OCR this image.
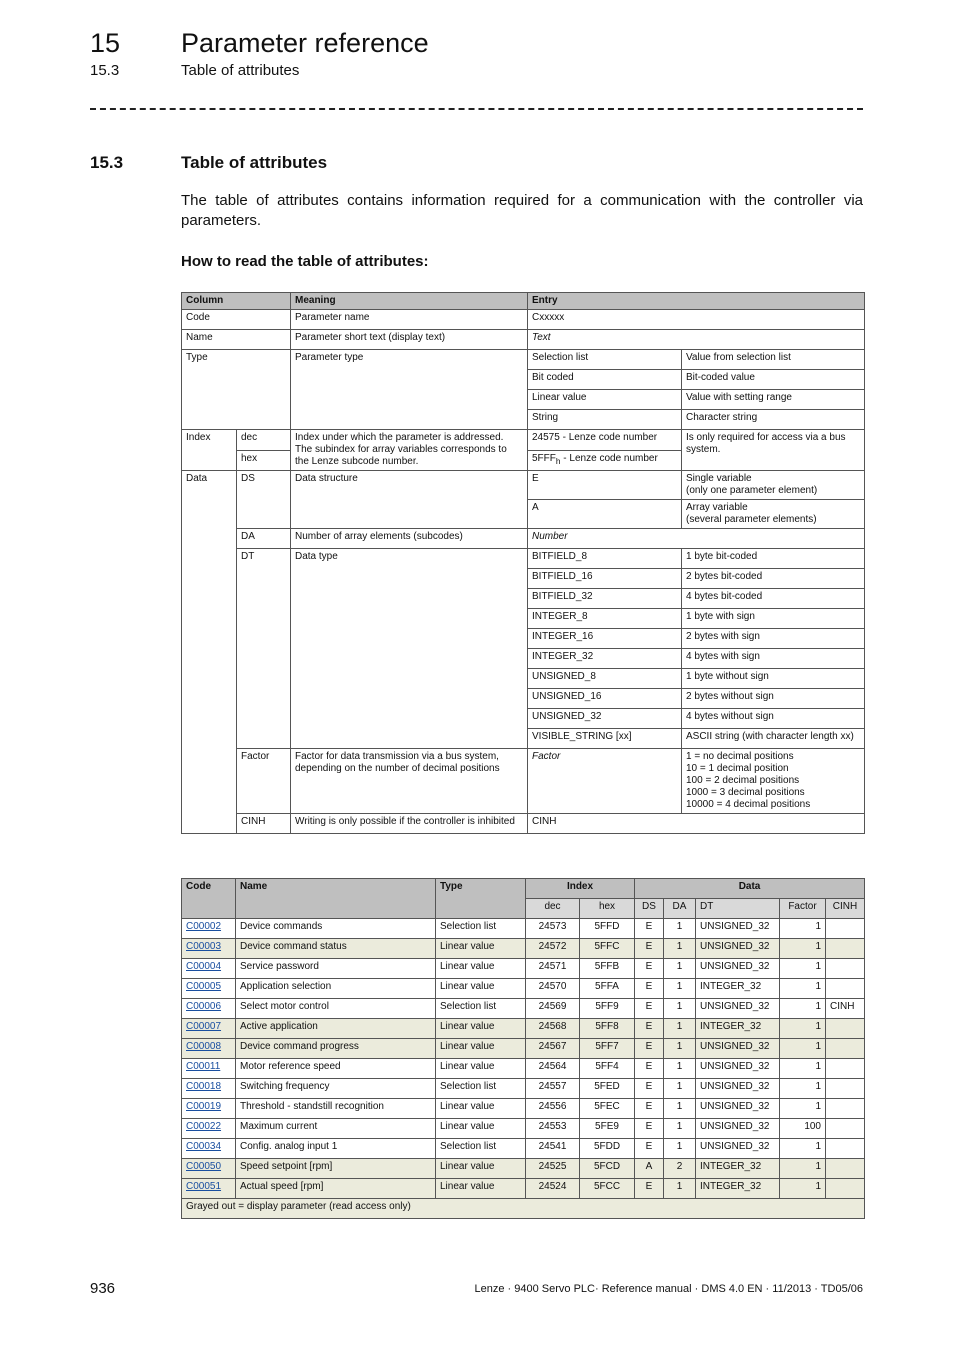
15 Parameter reference
15.3	Table of attributes
15.3	Table of attributes
The table of attributes contains information required for a communication with the controller via parameters.
How to read the table of attributes:
Column		Meaning	Entry	
Code		Parameter name	Cxxxxx	
Name		Parameter short text (display text)	Text	
Type		Parameter type	Selection list	Value from selection list
			Bit coded	Bit-coded value
			Linear value	Value with setting range
			String	Character string
Index	dec	Index under which the parameter is addressed. The subindex for array variables corresponds to the Lenze subcode number.	24575 - Lenze code number	Is only required for access via a bus system.
	hex		$5FFF_h$ - Lenze code number	
Data	DS	Data structure	E	Single variable
(only one parameter element)

			A	Array variable
(several parameter elements)

	DA	Number of array elements (subcodes)	Number	
	DT	Data type	BITFIELD_8	1 byte bit-coded
			BITFIELD_16	2 bytes bit-coded
			BITFIELD_32	4 bytes bit-coded
			INTEGER_8	1 byte with sign
			INTEGER_16	2 bytes with sign
			INTEGER_32	4 bytes with sign
			UNSIGNED_8	1 byte without sign
			UNSIGNED_16	2 bytes without sign
			UNSIGNED_32	4 bytes without sign
			VISIBLE_STRING [xx]	ASCII string (with character length xx)
	Factor	Factor for data transmission via a bus system, depending on the number of decimal positions	Factor	1 = no decimal positions
10 = 1 decimal position
100 = 2 decimal positions
1000 = 3 decimal positions
10000 = 4 decimal positions

	CINH	Writing is only possible if the controller is inhibited	CINH	
Code	Name	Type	Index		Data				
			dec	hex	DS	DA	DT	Factor	CINH
C00002	Device commands	Selection list	24573	5FFD	E	1	UNSIGNED_32	1	
C00003	Device command status	Linear value	24572	5FFC	E	1	UNSIGNED_32	1	
C00004	Service password	Linear value	24571	5FFB	E	1	UNSIGNED_32	1	
C00005	Application selection	Linear value	24570	5FFA	E	1	INTEGER_32	1	
C00006	Select motor control	Selection list	24569	5FF9	E	1	UNSIGNED_32	1	CINH
C00007	Active application	Linear value	24568	5FF8	E	1	INTEGER_32	1	
C00008	Device command progress	Linear value	24567	5FF7	E	1	UNSIGNED_32	1	
C00011	Motor reference speed	Linear value	24564	5FF4	E	1	UNSIGNED_32	1	
C00018	Switching frequency	Selection list	24557	5FED	E	1	UNSIGNED_32	1	
C00019	Threshold - standstill recognition	Linear value	24556	5FEC	E	1	UNSIGNED_32	1	
C00022	Maximum current	Linear value	24553	5FE9	E	1	UNSIGNED_32	100	
C00034	Config. analog input 1	Selection list	24541	5FDD	E	1	UNSIGNED_32	1	
C00050	Speed setpoint [rpm]	Linear value	24525	5FCD	A	2	INTEGER_32	1	
C00051	Actual speed [rpm]	Linear value	24524	5FCC	E	1	INTEGER_32	1	
Grayed out = display parameter (read access only)									
936	Lenze · 9400 Servo PLC· Reference manual · DMS 4.0 EN · 11/2013 · TD05/06
